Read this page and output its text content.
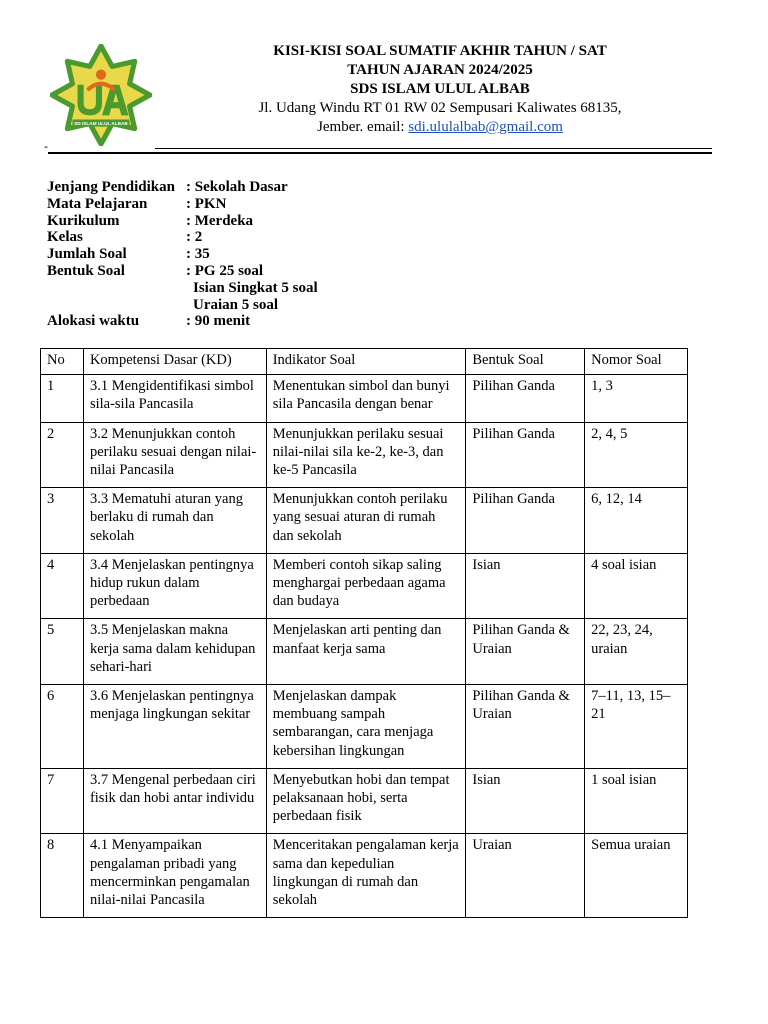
SD ISLAM ULUL ALBAB
KISI-KISI SOAL SUMATIF AKHIR TAHUN / SAT
TAHUN AJARAN 2024/2025
SDS ISLAM ULUL ALBAB
Jl. Udang Windu RT 01 RW 02 Sempusari Kaliwates 68135,
Jember. email: sdi.ululalbab@gmail.com
-
Jenjang Pendidikan : Sekolah Dasar
Mata Pelajaran	: PKN
Kurikulum	: Merdeka
Kelas	: 2
Jumlah Soal	: 35
Bentuk Soal	: PG 25 soal
Isian Singkat 5 soal
Uraian 5 soal
Alokasi waktu	: 90 menit
No	Kompetensi Dasar (KD)	Indikator Soal	Bentuk Soal	Nomor Soal
1	3.1 Mengidentifikasi simbol sila-sila Pancasila	Menentukan simbol dan bunyi sila Pancasila dengan benar	Pilihan Ganda	1, 3
2	3.2 Menunjukkan contoh perilaku sesuai dengan nilai-nilai Pancasila	Menunjukkan perilaku sesuai nilai-nilai sila ke-2, ke-3, dan ke-5 Pancasila	Pilihan Ganda	2, 4, 5
3	3.3 Mematuhi aturan yang berlaku di rumah dan sekolah	Menunjukkan contoh perilaku yang sesuai aturan di rumah dan sekolah	Pilihan Ganda	6, 12, 14
4	3.4 Menjelaskan pentingnya hidup rukun dalam perbedaan	Memberi contoh sikap saling menghargai perbedaan agama dan budaya	Isian	4 soal isian
5	3.5 Menjelaskan makna kerja sama dalam kehidupan sehari-hari	Menjelaskan arti penting dan manfaat kerja sama	Pilihan Ganda & Uraian	22, 23, 24, uraian
6	3.6 Menjelaskan pentingnya menjaga lingkungan sekitar	Menjelaskan dampak membuang sampah sembarangan, cara menjaga kebersihan lingkungan	Pilihan Ganda & Uraian	7–11, 13, 15–21
7	3.7 Mengenal perbedaan ciri fisik dan hobi antar individu	Menyebutkan hobi dan tempat pelaksanaan hobi, serta perbedaan fisik	Isian	1 soal isian
8	4.1 Menyampaikan pengalaman pribadi yang mencerminkan pengamalan nilai-nilai Pancasila	Menceritakan pengalaman kerja sama dan kepedulian lingkungan di rumah dan sekolah	Uraian	Semua uraian
